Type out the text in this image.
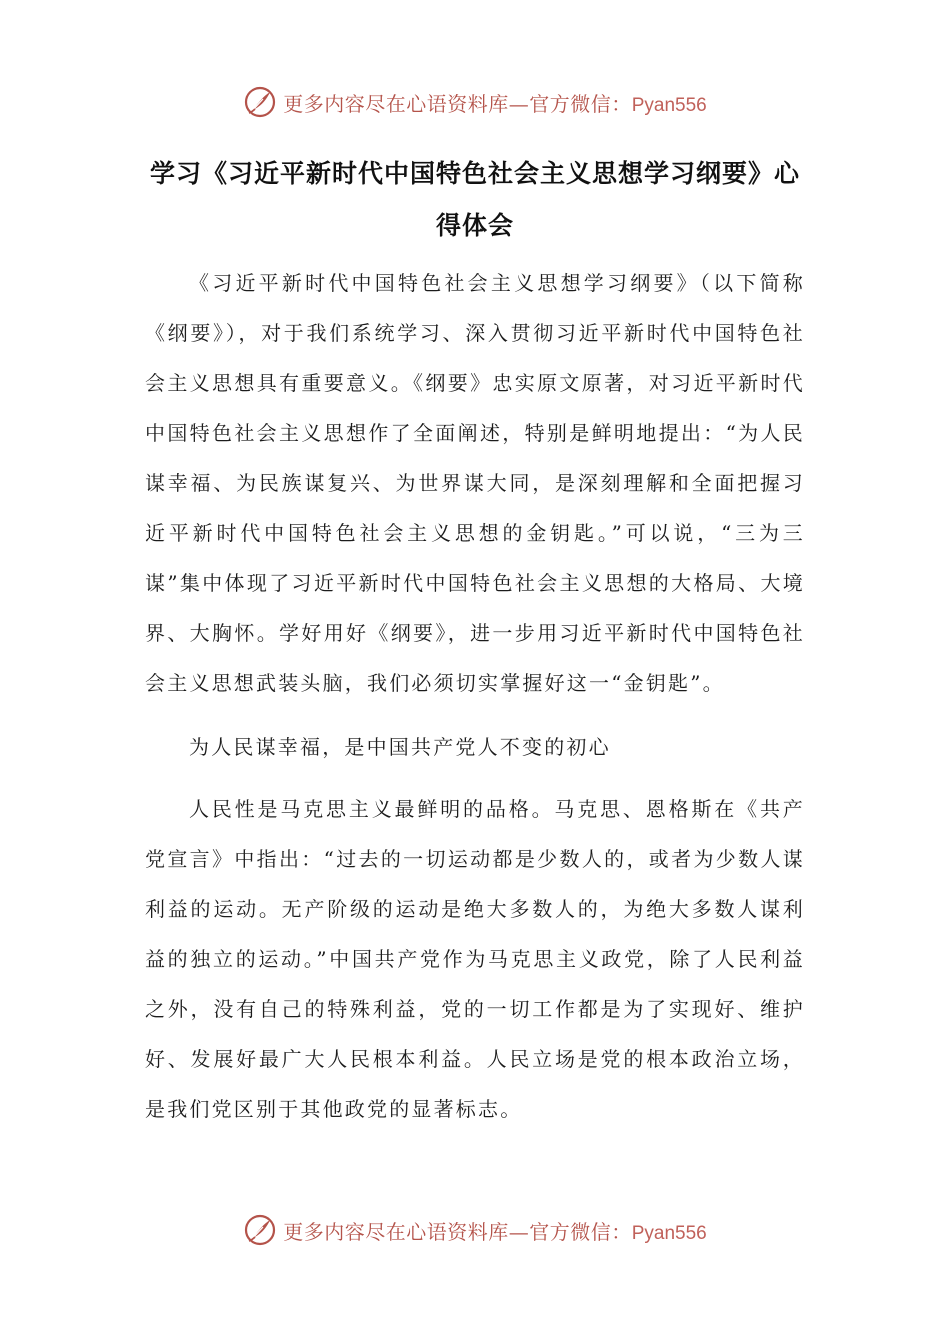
更多内容尽在心语资料库—官方微信：Pyan556
学习《习近平新时代中国特色社会主义思想学习纲要》心得体会

《习近平新时代中国特色社会主义思想学习纲要》（以下简称《纲要》），对于我们系统学习、深入贯彻习近平新时代中国特色社会主义思想具有重要意义。《纲要》忠实原文原著，对习近平新时代中国特色社会主义思想作了全面阐述，特别是鲜明地提出：“为人民谋幸福、为民族谋复兴、为世界谋大同，是深刻理解和全面把握习近平新时代中国特色社会主义思想的金钥匙。”可以说，“三为三谋”集中体现了习近平新时代中国特色社会主义思想的大格局、大境界、大胸怀。学好用好《纲要》，进一步用习近平新时代中国特色社会主义思想武装头脑，我们必须切实掌握好这一“金钥匙”。

为人民谋幸福，是中国共产党人不变的初心

人民性是马克思主义最鲜明的品格。马克思、恩格斯在《共产党宣言》中指出：“过去的一切运动都是少数人的，或者为少数人谋利益的运动。无产阶级的运动是绝大多数人的，为绝大多数人谋利益的独立的运动。”中国共产党作为马克思主义政党，除了人民利益之外，没有自己的特殊利益，党的一切工作都是为了实现好、维护好、发展好最广大人民根本利益。人民立场是党的根本政治立场，是我们党区别于其他政党的显著标志。

更多内容尽在心语资料库—官方微信：Pyan556
